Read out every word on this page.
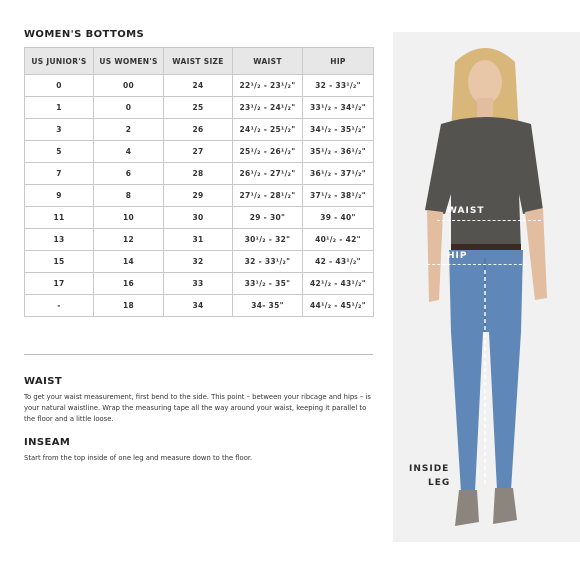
WOMEN'S BOTTOMS
US JUNIOR'S	US WOMEN'S	WAIST SIZE	WAIST	HIP
0	00	24	22¹/₂ - 23¹/₂"	32 - 33¹/₂"
1	0	25	23¹/₂ - 24¹/₂"	33¹/₂ - 34¹/₂"
3	2	26	24¹/₂ - 25¹/₂"	34¹/₂ - 35¹/₂"
5	4	27	25¹/₂ - 26¹/₂"	35¹/₂ - 36¹/₂"
7	6	28	26¹/₂ - 27¹/₂"	36¹/₂ - 37¹/₂"
9	8	29	27¹/₂ - 28¹/₂"	37¹/₂ - 38¹/₂"
11	10	30	29 - 30"	39 - 40"
13	12	31	30¹/₂ - 32"	40¹/₂ - 42"
15	14	32	32 - 33¹/₂"	42 - 43¹/₂"
17	16	33	33¹/₂ - 35"	42¹/₂ - 43¹/₂"
-	18	34	34- 35"	44¹/₂ - 45¹/₂"
WAIST
To get your waist measurement, first bend to the side. This point – between your ribcage and hips – is your natural waistline. Wrap the measuring tape all the way around your waist, keeping it parallel to the floor and a little loose.
INSEAM
Start from the top inside of one leg and measure down to the floor.
WAIST
HIP
INSIDE
LEG
